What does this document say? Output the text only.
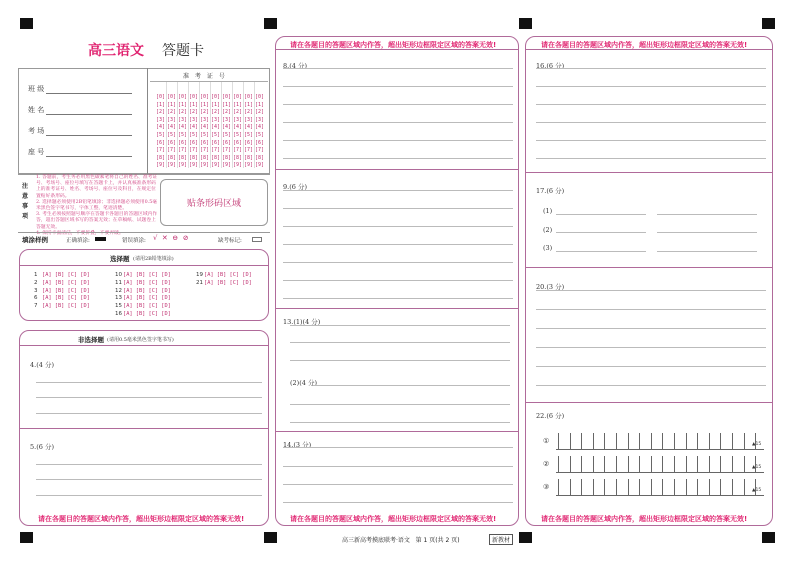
高三语文 答题卡
班 级
姓 名
考 场
座 号
准 考 证 号
[0] [0] [0] [0] [0] [0] [0] [0] [0] [0]
[1] [1] [1] [1] [1] [1] [1] [1] [1] [1]
[2] [2] [2] [2] [2] [2] [2] [2] [2] [2]
[3] [3] [3] [3] [3] [3] [3] [3] [3] [3]
[4] [4] [4] [4] [4] [4] [4] [4] [4] [4]
[5] [5] [5] [5] [5] [5] [5] [5] [5] [5]
[6] [6] [6] [6] [6] [6] [6] [6] [6] [6]
[7] [7] [7] [7] [7] [7] [7] [7] [7] [7]
[8] [8] [8] [8] [8] [8] [8] [8] [8] [8]
[9] [9] [9] [9] [9] [9] [9] [9] [9] [9]
注
意
事
项
1. 答题前，考生务必用黑色碳素笔将自己的姓名、准考证号、考场号、座位号填写在答题卡上，并认真核准条形码上的准考证号、姓名、考场号、座位号及科目，在规定位置贴好条形码。
2. 选择题必须使用2B铅笔填涂；非选择题必须使用0.5毫米黑色签字笔书写，字体工整，笔迹清楚。
3. 考生必须按照题号顺序在答题卡各题目的答题区域内作答，超出答题区域书写的答案无效；在草稿纸、试题卷上答题无效。
4. 保持卡面清洁，不要折叠，不要弄破。
贴条形码区域
填涂样例	正确填涂:	错误填涂: √ ✕ ⊖ ⊘	缺考标记:
选择题 (请用2B铅笔填涂)
1 [A] [B] [C] [D]
2 [A] [B] [C] [D]
3 [A] [B] [C] [D]
6 [A] [B] [C] [D]
7 [A] [B] [C] [D]
10 [A] [B] [C] [D]
11 [A] [B] [C] [D]
12 [A] [B] [C] [D]
13 [A] [B] [C] [D]
15 [A] [B] [C] [D]
16 [A] [B] [C] [D]
19 [A] [B] [C] [D]
21 [A] [B] [C] [D]
非选择题 (请用0.5毫米黑色签字笔书写)
4.(4 分)
5.(6 分)
请在各题目的答题区域内作答，超出矩形边框限定区域的答案无效!
请在各题目的答题区域内作答，超出矩形边框限定区域的答案无效!
8.(4 分)
9.(6 分)
13.(1)(4 分)
(2)(4 分)
14.(3 分)
请在各题目的答题区域内作答，超出矩形边框限定区域的答案无效!
请在各题目的答题区域内作答，超出矩形边框限定区域的答案无效!
16.(6 分)
17.(6 分)
(1)
(2)
(3)
20.(3 分)
22.(6 分)
①
②
③
▲15
▲15
▲15
请在各题目的答题区域内作答，超出矩形边框限定区域的答案无效!
高三新高考摸底联考·语文   第 1 页(共 2 页)	新教材
